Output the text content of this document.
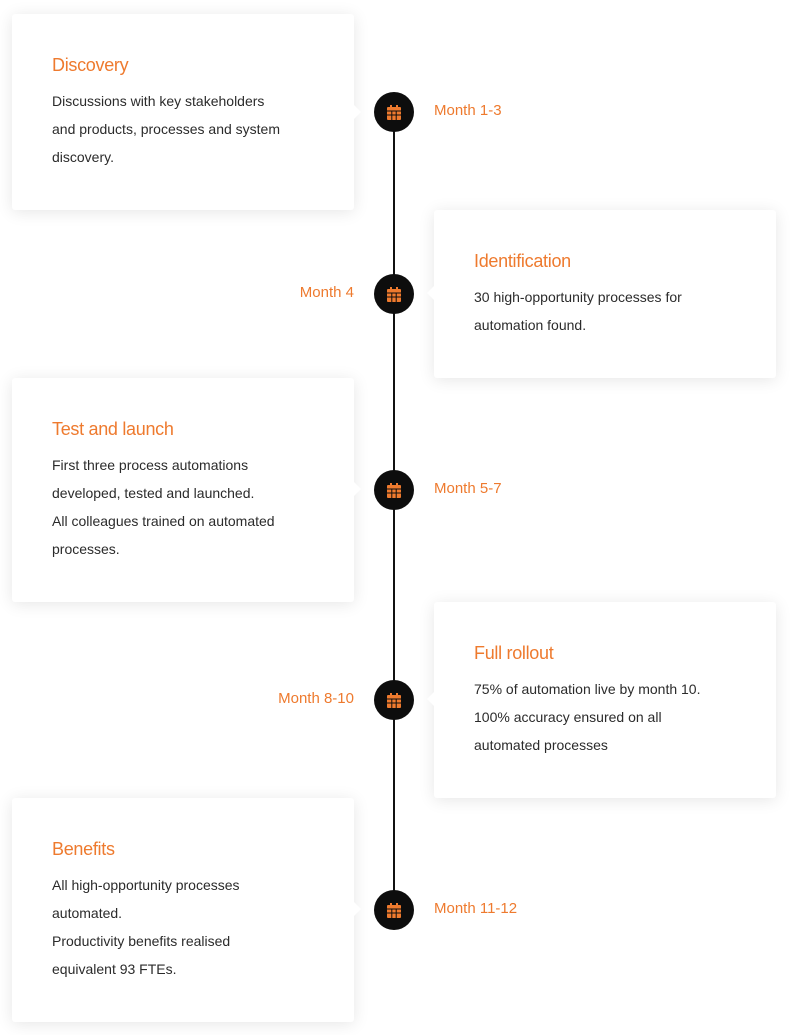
Discovery

Discussions with key stakeholders
and products, processes and system
discovery.

Month 1-3
Identification

30 high-opportunity processes for
automation found.

Month 4
Test and launch

First three process automations
developed, tested and launched.
All colleagues trained on automated
processes.

Month 5-7
Full rollout

75% of automation live by month 10.
100% accuracy ensured on all
automated processes

Month 8-10
Benefits

All high-opportunity processes
automated.
Productivity benefits realised
equivalent 93 FTEs.

Month 11-12
